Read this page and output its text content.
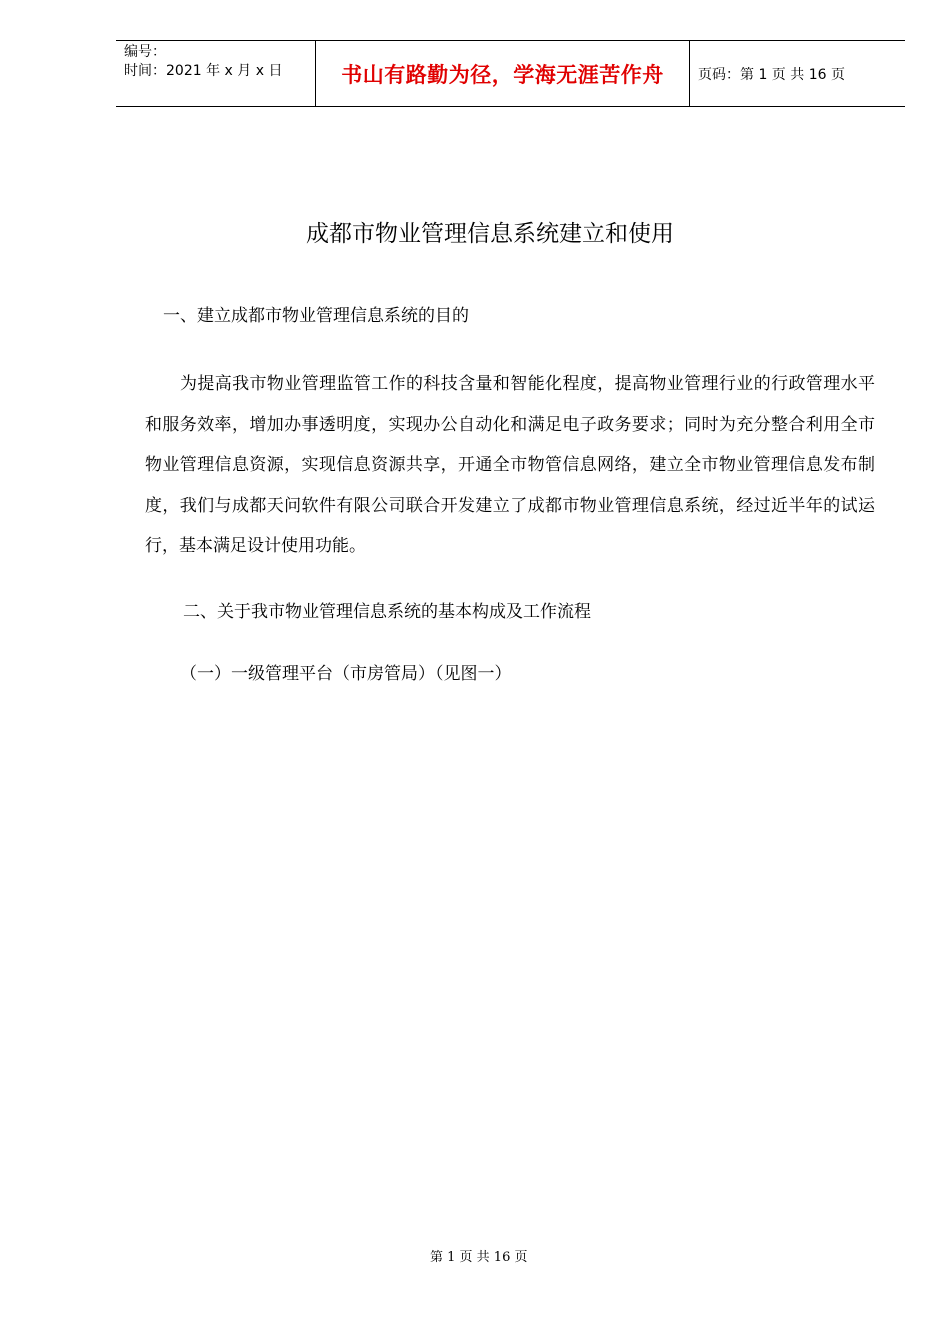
编号：
时间：2021 年 x 月 x 日	书山有路勤为径，学海无涯苦作舟	页码：第 1 页 共 16 页
成都市物业管理信息系统建立和使用
一、建立成都市物业管理信息系统的目的
为提高我市物业管理监管工作的科技含量和智能化程度，提高物业管理行业的行政管理水平和服务效率，增加办事透明度，实现办公自动化和满足电子政务要求；同时为充分整合利用全市物业管理信息资源，实现信息资源共享，开通全市物管信息网络，建立全市物业管理信息发布制度，我们与成都天问软件有限公司联合开发建立了成都市物业管理信息系统，经过近半年的试运行，基本满足设计使用功能。
二、关于我市物业管理信息系统的基本构成及工作流程
（一）一级管理平台（市房管局）（见图一）
第 1 页 共 16 页
